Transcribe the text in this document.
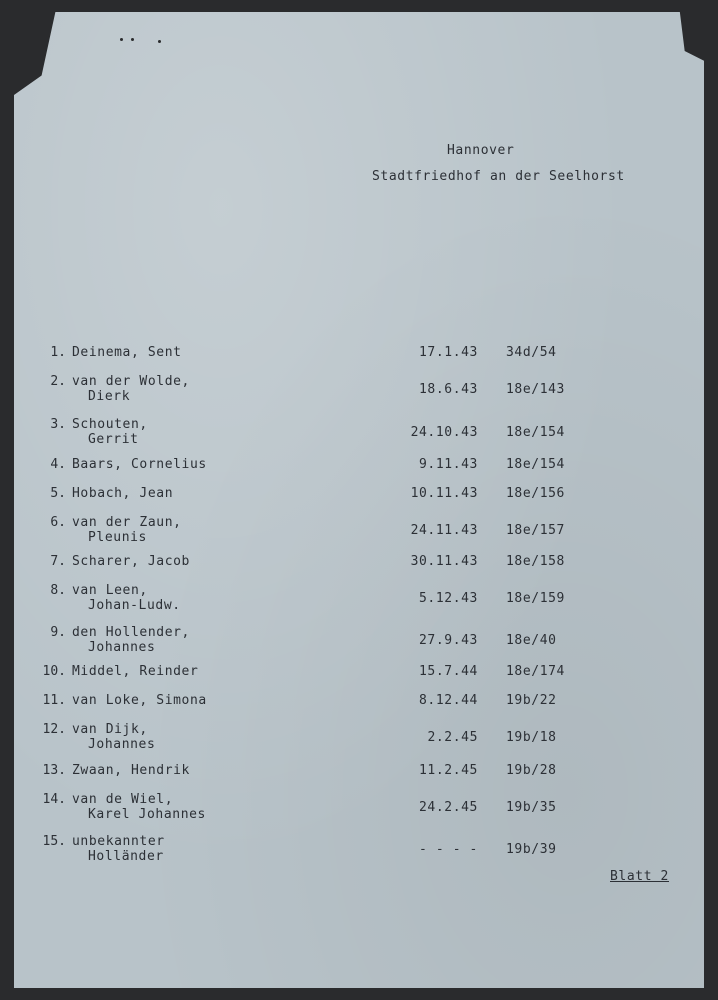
Hannover
Stadtfriedhof an der Seelhorst
1. Deinema, Sent	17.1.43 34d/54
2. van der Wolde,
Dierk	18.6.43 18e/143
3. Schouten,
Gerrit	24.10.43 18e/154
4. Baars, Cornelius	9.11.43 18e/154
5. Hobach, Jean	10.11.43 18e/156
6. van der Zaun,
Pleunis	24.11.43 18e/157
7. Scharer, Jacob	30.11.43 18e/158
8. van Leen,
Johan-Ludw.	5.12.43 18e/159
9. den Hollender,
Johannes	27.9.43 18e/40
10. Middel, Reinder	15.7.44 18e/174
11. van Loke, Simona	8.12.44 19b/22
12. van Dijk,
Johannes	2.2.45 19b/18
13. Zwaan, Hendrik	11.2.45 19b/28
14. van de Wiel,
Karel Johannes	24.2.45 19b/35
15. unbekannter
Holländer	- - - - 19b/39
Blatt 2
